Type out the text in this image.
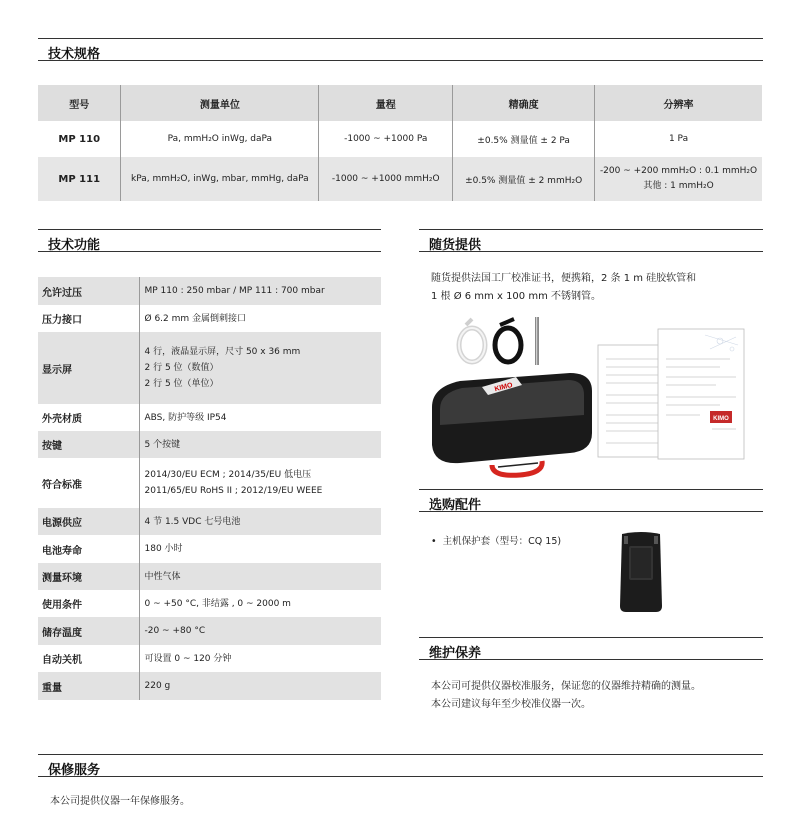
技术规格
型号	测量单位	量程	精确度	分辨率
MP 110	Pa, mmH₂O inWg, daPa	-1000 ~ +1000 Pa	±0.5% 测量值 ± 2 Pa	1 Pa
MP 111	kPa, mmH₂O, inWg, mbar, mmHg, daPa	-1000 ~ +1000 mmH₂O	±0.5% 测量值 ± 2 mmH₂O	-200 ~ +200 mmH₂O : 0.1 mmH₂O
其他 : 1 mmH₂O
技术功能
允许过压	MP 110 : 250 mbar / MP 111 : 700 mbar
压力接口	Ø 6.2 mm 金属倒刺接口
显示屏	4 行，液晶显示屏，尺寸 50 x 36 mm
2 行 5 位（数值）
2 行 5 位（单位）

外壳材质	ABS, 防护等级 IP54
按键	5 个按键
符合标准	2014/30/EU ECM ; 2014/35/EU 低电压
2011/65/EU RoHS II ; 2012/19/EU WEEE

电源供应	4 节 1.5 VDC 七号电池
电池寿命	180 小时
测量环境	中性气体
使用条件	0 ~ +50 °C, 非结露 , 0 ~ 2000 m
储存温度	-20 ~ +80 °C
自动关机	可设置 0 ~ 120 分钟
重量	220 g
随货提供
随货提供法国工厂校准证书，便携箱，2 条 1 m 硅胶软管和
1 根 Ø 6 mm x 100 mm 不锈钢管。
KIMO
KIMO
选购配件
•  主机保护套（型号：CQ 15)
维护保养
本公司可提供仪器校准服务，保证您的仪器维持精确的测量。
本公司建议每年至少校准仪器一次。
保修服务
本公司提供仪器一年保修服务。
